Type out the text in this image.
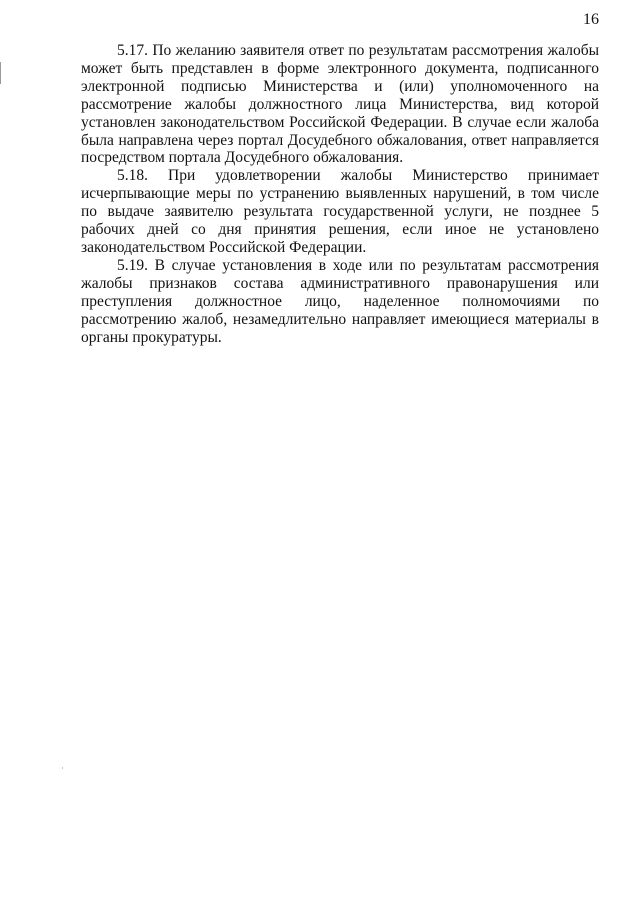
16

5.17. По желанию заявителя ответ по результатам рассмотрения жалобы может быть представлен в форме электронного документа, подписанного электронной подписью Министерства и (или) уполномоченного на рассмотрение жалобы должностного лица Министерства, вид которой установлен законодательством Российской Федерации. В случае если жалоба была направлена через портал Досудебного обжалования, ответ направляется посредством портала Досудебного обжалования.

5.18. При удовлетворении жалобы Министерство принимает исчерпывающие меры по устранению выявленных нарушений, в том числе по выдаче заявителю результата государственной услуги, не позднее 5 рабочих дней со дня принятия решения, если иное не установлено законодательством Российской Федерации.

5.19. В случае установления в ходе или по результатам рассмотрения жалобы признаков состава административного правонарушения или преступления должностное лицо, наделенное полномочиями по рассмотрению жалоб, незамедлительно направляет имеющиеся материалы в органы прокуратуры.
